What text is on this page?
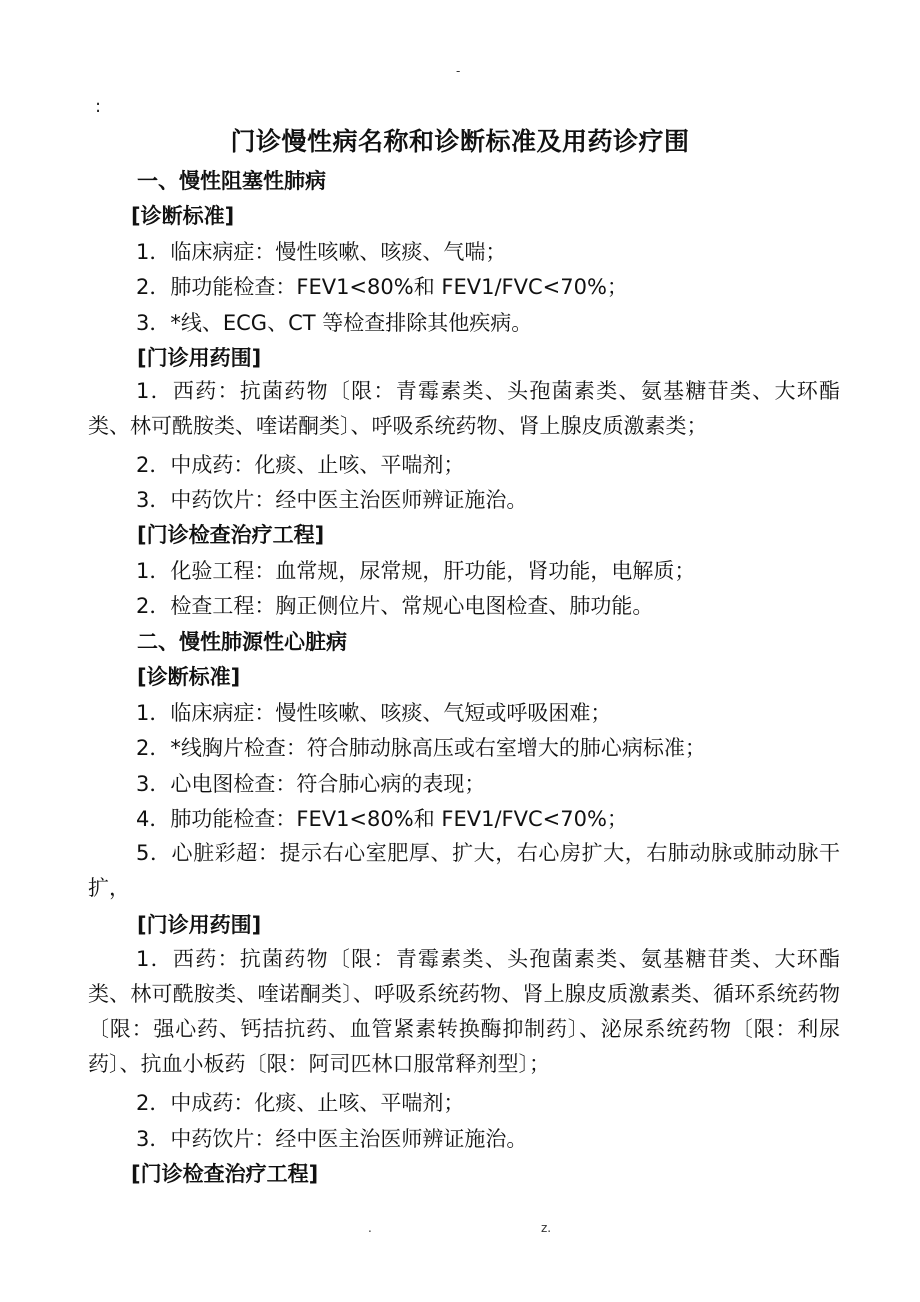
-
:
门诊慢性病名称和诊断标准及用药诊疗围
一、慢性阻塞性肺病
[诊断标准]
1．临床病症：慢性咳嗽、咳痰、气喘；
2．肺功能检查：FEV1<80%和 FEV1/FVC<70%；
3．*线、ECG、CT 等检查排除其他疾病。
[门诊用药围]

1．西药：抗菌药物〔限：青霉素类、头孢菌素类、氨基糖苷类、大环酯类、林可酰胺类、喹诺酮类〕、呼吸系统药物、肾上腺皮质激素类；

2．中成药：化痰、止咳、平喘剂；
3．中药饮片：经中医主治医师辨证施治。
[门诊检查治疗工程]
1．化验工程：血常规，尿常规，肝功能，肾功能，电解质；
2．检查工程：胸正侧位片、常规心电图检查、肺功能。
二、慢性肺源性心脏病
[诊断标准]
1．临床病症：慢性咳嗽、咳痰、气短或呼吸困难；
2．*线胸片检查：符合肺动脉高压或右室增大的肺心病标准；
3．心电图检查：符合肺心病的表现；
4．肺功能检查：FEV1<80%和 FEV1/FVC<70%；

5．心脏彩超：提示右心室肥厚、扩大，右心房扩大，右肺动脉或肺动脉干扩，

[门诊用药围]

1．西药：抗菌药物〔限：青霉素类、头孢菌素类、氨基糖苷类、大环酯类、林可酰胺类、喹诺酮类〕、呼吸系统药物、肾上腺皮质激素类、循环系统药物〔限：强心药、钙拮抗药、血管紧素转换酶抑制药〕、泌尿系统药物〔限：利尿药〕、抗血小板药〔限：阿司匹林口服常释剂型〕；

2．中成药：化痰、止咳、平喘剂；
3．中药饮片：经中医主治医师辨证施治。
[门诊检查治疗工程]
.	z.
